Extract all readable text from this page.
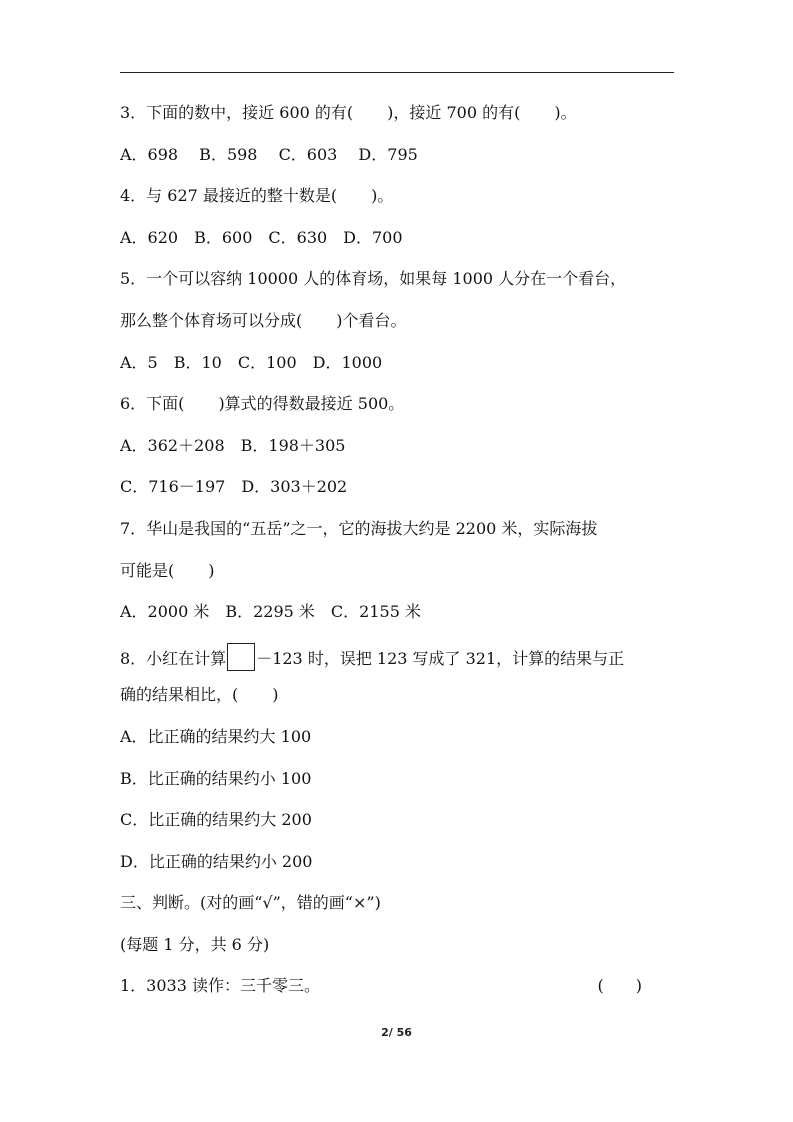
3．下面的数中，接近 600 的有( )，接近 700 的有( )。
A．698　 B．598　 C．603　 D．795
4．与 627 最接近的整十数是( )。
A．620　B．600　C．630　D．700
5．一个可以容纳 10000 人的体育场，如果每 1000 人分在一个看台，
那么整个体育场可以分成( )个看台。
A．5　B．10　C．100　D．1000
6．下面( )算式的得数最接近 500。
A．362＋208　B．198＋305
C．716－197　D．303＋202
7．华山是我国的“五岳”之一，它的海拔大约是 2200 米，实际海拔
可能是( )
A．2000 米　B．2295 米　C．2155 米
8．小红在计算 －123 时，误把 123 写成了 321，计算的结果与正
确的结果相比，( )
A．比正确的结果约大 100
B．比正确的结果约小 100
C．比正确的结果约大 200
D．比正确的结果约小 200
三、判断。(对的画“√”，错的画“×”)
(每题 1 分，共 6 分)
1．3033 读作：三千零三。	(　　)
2/ 56
